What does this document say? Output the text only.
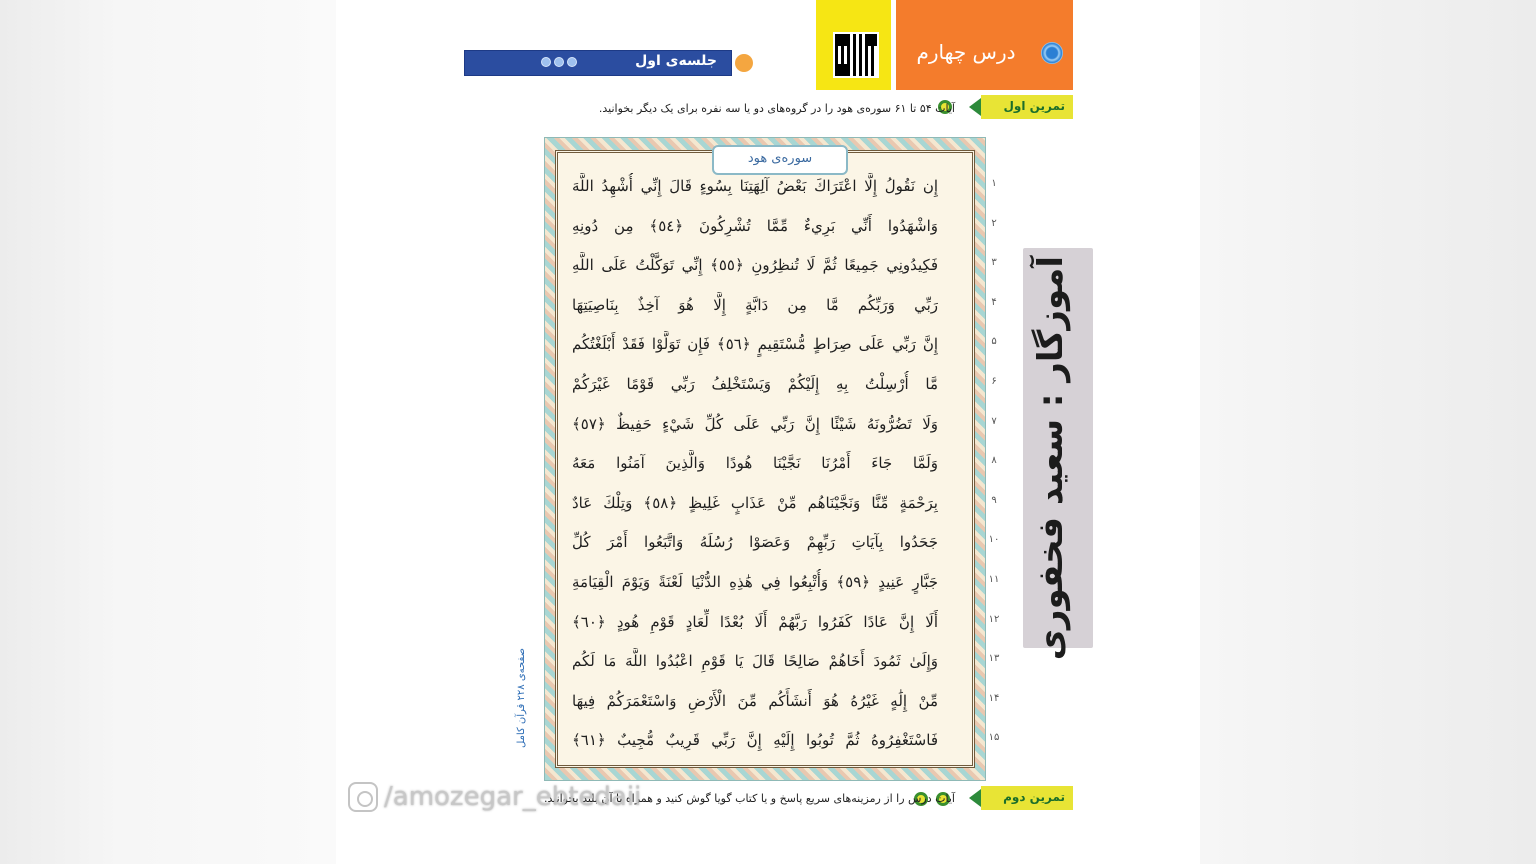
درس چهارم
جلسه‌ی اول
تمرین اول
آیات ۵۴ تا ۶۱ سوره‌ی هود را در گروه‌های دو یا سه نفره برای یک دیگر بخوانید.
سوره‌ی هود
إِن نَقُولُ إِلَّا اعْتَرَاكَ بَعْضُ آلِهَتِنَا بِسُوءٍ قَالَ إِنِّي أُشْهِدُ اللَّهَ
وَاشْهَدُوا أَنِّي بَرِيءٌ مِّمَّا تُشْرِكُونَ ﴿٥٤﴾ مِن دُونِهِ
فَكِيدُونِي جَمِيعًا ثُمَّ لَا تُنظِرُونِ ﴿٥٥﴾ إِنِّي تَوَكَّلْتُ عَلَى اللَّهِ
رَبِّي وَرَبِّكُم مَّا مِن دَابَّةٍ إِلَّا هُوَ آخِذٌ بِنَاصِيَتِهَا
إِنَّ رَبِّي عَلَى صِرَاطٍ مُّسْتَقِيمٍ ﴿٥٦﴾ فَإِن تَوَلَّوْا فَقَدْ أَبْلَغْتُكُم
مَّا أُرْسِلْتُ بِهِ إِلَيْكُمْ وَيَسْتَخْلِفُ رَبِّي قَوْمًا غَيْرَكُمْ
وَلَا تَضُرُّونَهُ شَيْئًا إِنَّ رَبِّي عَلَى كُلِّ شَيْءٍ حَفِيظٌ ﴿٥٧﴾
وَلَمَّا جَاءَ أَمْرُنَا نَجَّيْنَا هُودًا وَالَّذِينَ آمَنُوا مَعَهُ
بِرَحْمَةٍ مِّنَّا وَنَجَّيْنَاهُم مِّنْ عَذَابٍ غَلِيظٍ ﴿٥٨﴾ وَتِلْكَ عَادٌ
جَحَدُوا بِآيَاتِ رَبِّهِمْ وَعَصَوْا رُسُلَهُ وَاتَّبَعُوا أَمْرَ كُلِّ
جَبَّارٍ عَنِيدٍ ﴿٥٩﴾ وَأُتْبِعُوا فِي هَٰذِهِ الدُّنْيَا لَعْنَةً وَيَوْمَ الْقِيَامَةِ
أَلَا إِنَّ عَادًا كَفَرُوا رَبَّهُمْ أَلَا بُعْدًا لِّعَادٍ قَوْمِ هُودٍ ﴿٦٠﴾
وَإِلَىٰ ثَمُودَ أَخَاهُمْ صَالِحًا قَالَ يَا قَوْمِ اعْبُدُوا اللَّهَ مَا لَكُم
مِّنْ إِلَٰهٍ غَيْرُهُ هُوَ أَنشَأَكُم مِّنَ الْأَرْضِ وَاسْتَعْمَرَكُمْ فِيهَا
فَاسْتَغْفِرُوهُ ثُمَّ تُوبُوا إِلَيْهِ إِنَّ رَبِّي قَرِيبٌ مُّجِيبٌ ﴿٦١﴾
۱
۲
۳
۴
۵
۶
۷
۸
۹
۱۰
۱۱
۱۲
۱۳
۱۴
۱۵
صفحه‌ی ۲۲۸ قرآن کامل
تمرین دوم
آیات درس را از رمزینه‌های سریع پاسخ و یا کتاب گویا گوش کنید و همراه با آن بلند بخوانید.
آموزگار : سعید فخفوری
/amozegar_ebtedaii
